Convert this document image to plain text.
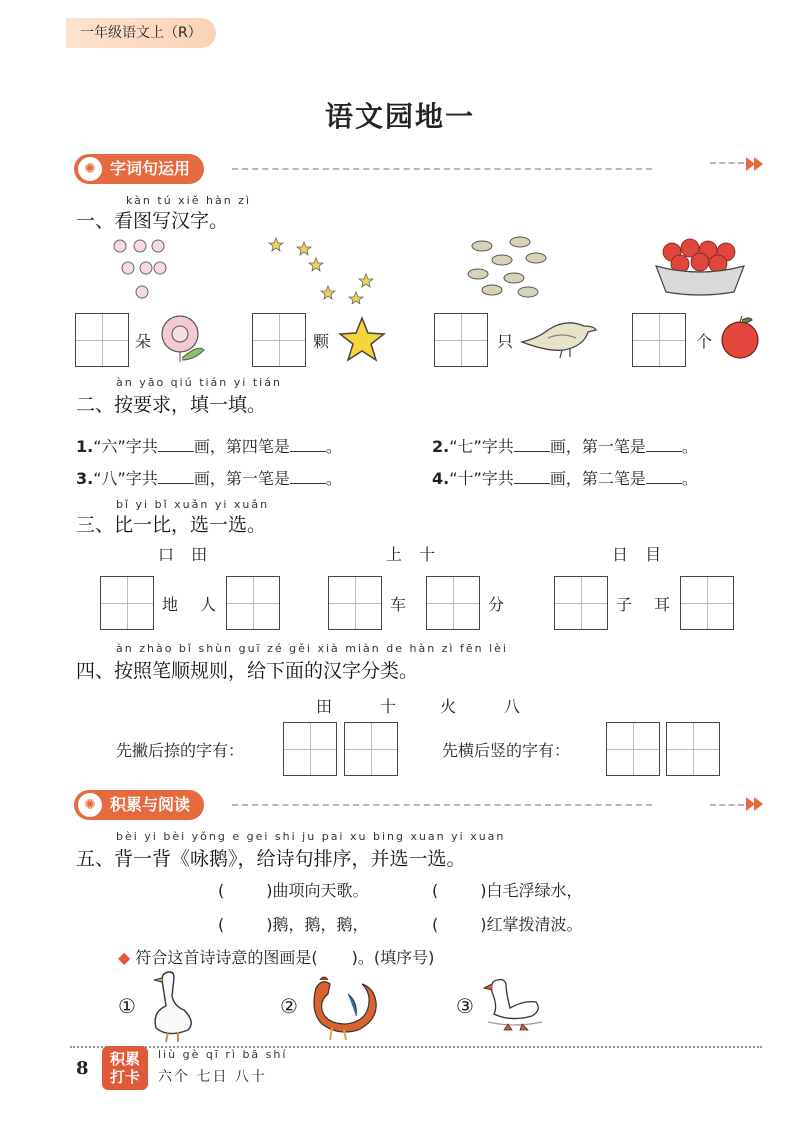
一年级语文上（R）
语文园地一
✺ 字词句运用
kàn tú xiě hàn zì
一、看图写汉字。
朵	颗	只	个
àn yāo qiú tián yi tián
二、按要求，填一填。
1.“六”字共 画，第四笔是 。	2.“七”字共 画，第一笔是 。
3.“八”字共 画，第一笔是 。	4.“十”字共 画，第二笔是 。
bǐ yi bǐ xuǎn yi xuǎn
三、比一比，选一选。
口 田	上 十	日 目
地 人	车	分	子 耳
àn zhào bǐ shùn guī zé gěi xià miàn de hàn zì fēn lèi
四、按照笔顺规则，给下面的汉字分类。
田	十	火	八
先撇后捺的字有：	先横后竖的字有：
✺ 积累与阅读
bèi yi bèi yǒng e gei shi ju pai xu bing xuan yi xuan
五、背一背《咏鹅》，给诗句排序，并选一选。
(	)曲项向天歌。	(	)白毛浮绿水，
(	)鹅，鹅，鹅，	(	)红掌拨清波。
◆ 符合这首诗诗意的图画是( )。(填序号)
①	②	③
8	积累
打卡
liù gè qī rì bā shí
六个 七日 八十
